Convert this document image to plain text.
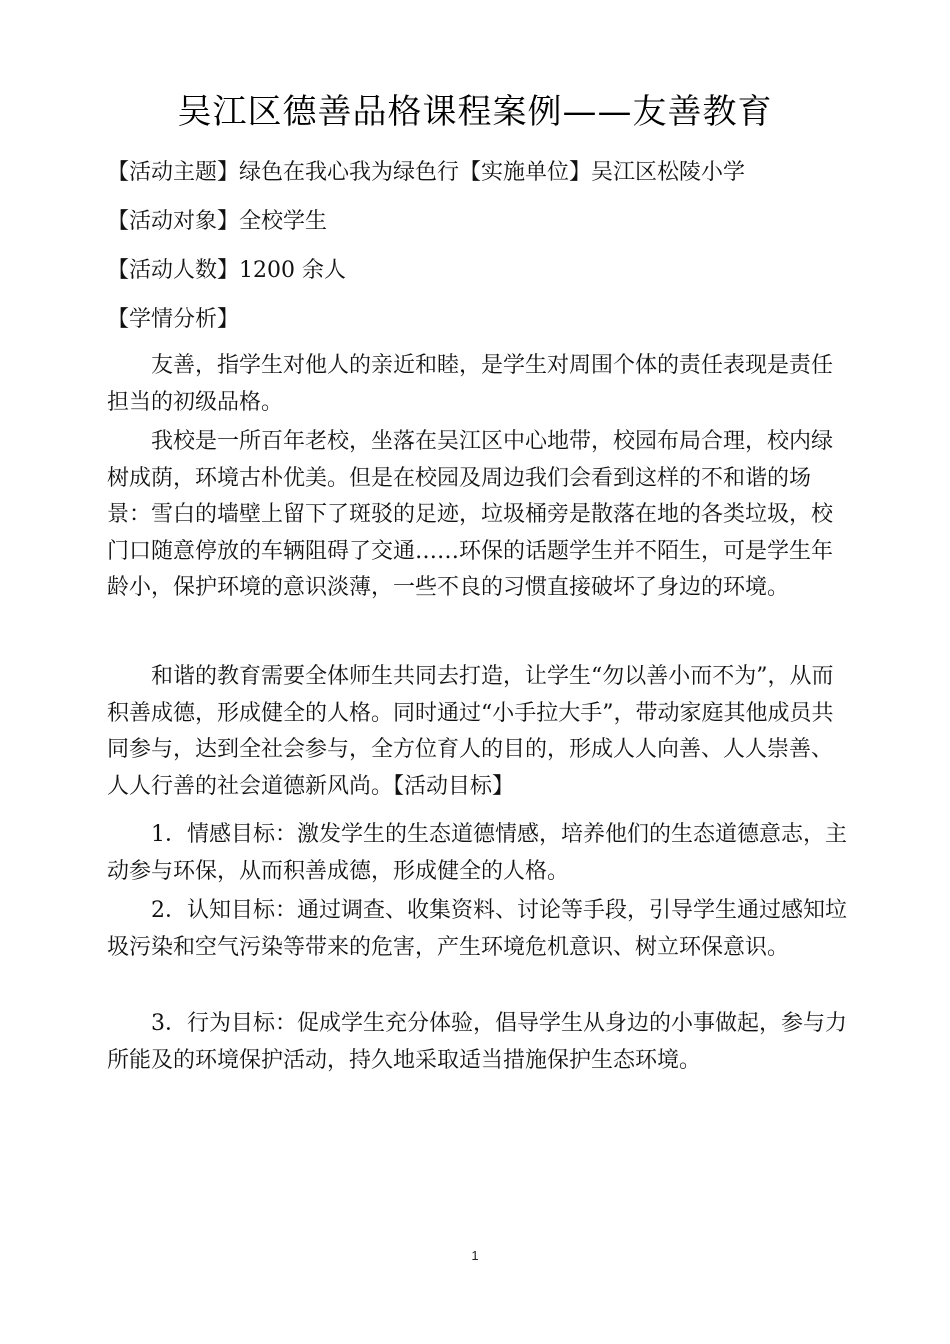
吴江区德善品格课程案例——友善教育
【活动主题】绿色在我心我为绿色行【实施单位】吴江区松陵小学
【活动对象】全校学生
【活动人数】1200 余人
【学情分析】
友善，指学生对他人的亲近和睦，是学生对周围个体的责任表现是责任担当的初级品格。
我校是一所百年老校，坐落在吴江区中心地带，校园布局合理，校内绿树成荫，环境古朴优美。但是在校园及周边我们会看到这样的不和谐的场景：雪白的墙壁上留下了斑驳的足迹，垃圾桶旁是散落在地的各类垃圾，校门口随意停放的车辆阻碍了交通……环保的话题学生并不陌生，可是学生年龄小，保护环境的意识淡薄，一些不良的习惯直接破坏了身边的环境。
和谐的教育需要全体师生共同去打造，让学生“勿以善小而不为”，从而积善成德，形成健全的人格。同时通过“小手拉大手”，带动家庭其他成员共同参与，达到全社会参与，全方位育人的目的，形成人人向善、人人崇善、人人行善的社会道德新风尚。【活动目标】
1．情感目标：激发学生的生态道德情感，培养他们的生态道德意志，主动参与环保，从而积善成德，形成健全的人格。
2．认知目标：通过调查、收集资料、讨论等手段，引导学生通过感知垃圾污染和空气污染等带来的危害，产生环境危机意识、树立环保意识。
3．行为目标：促成学生充分体验，倡导学生从身边的小事做起，参与力所能及的环境保护活动，持久地采取适当措施保护生态环境。
1
